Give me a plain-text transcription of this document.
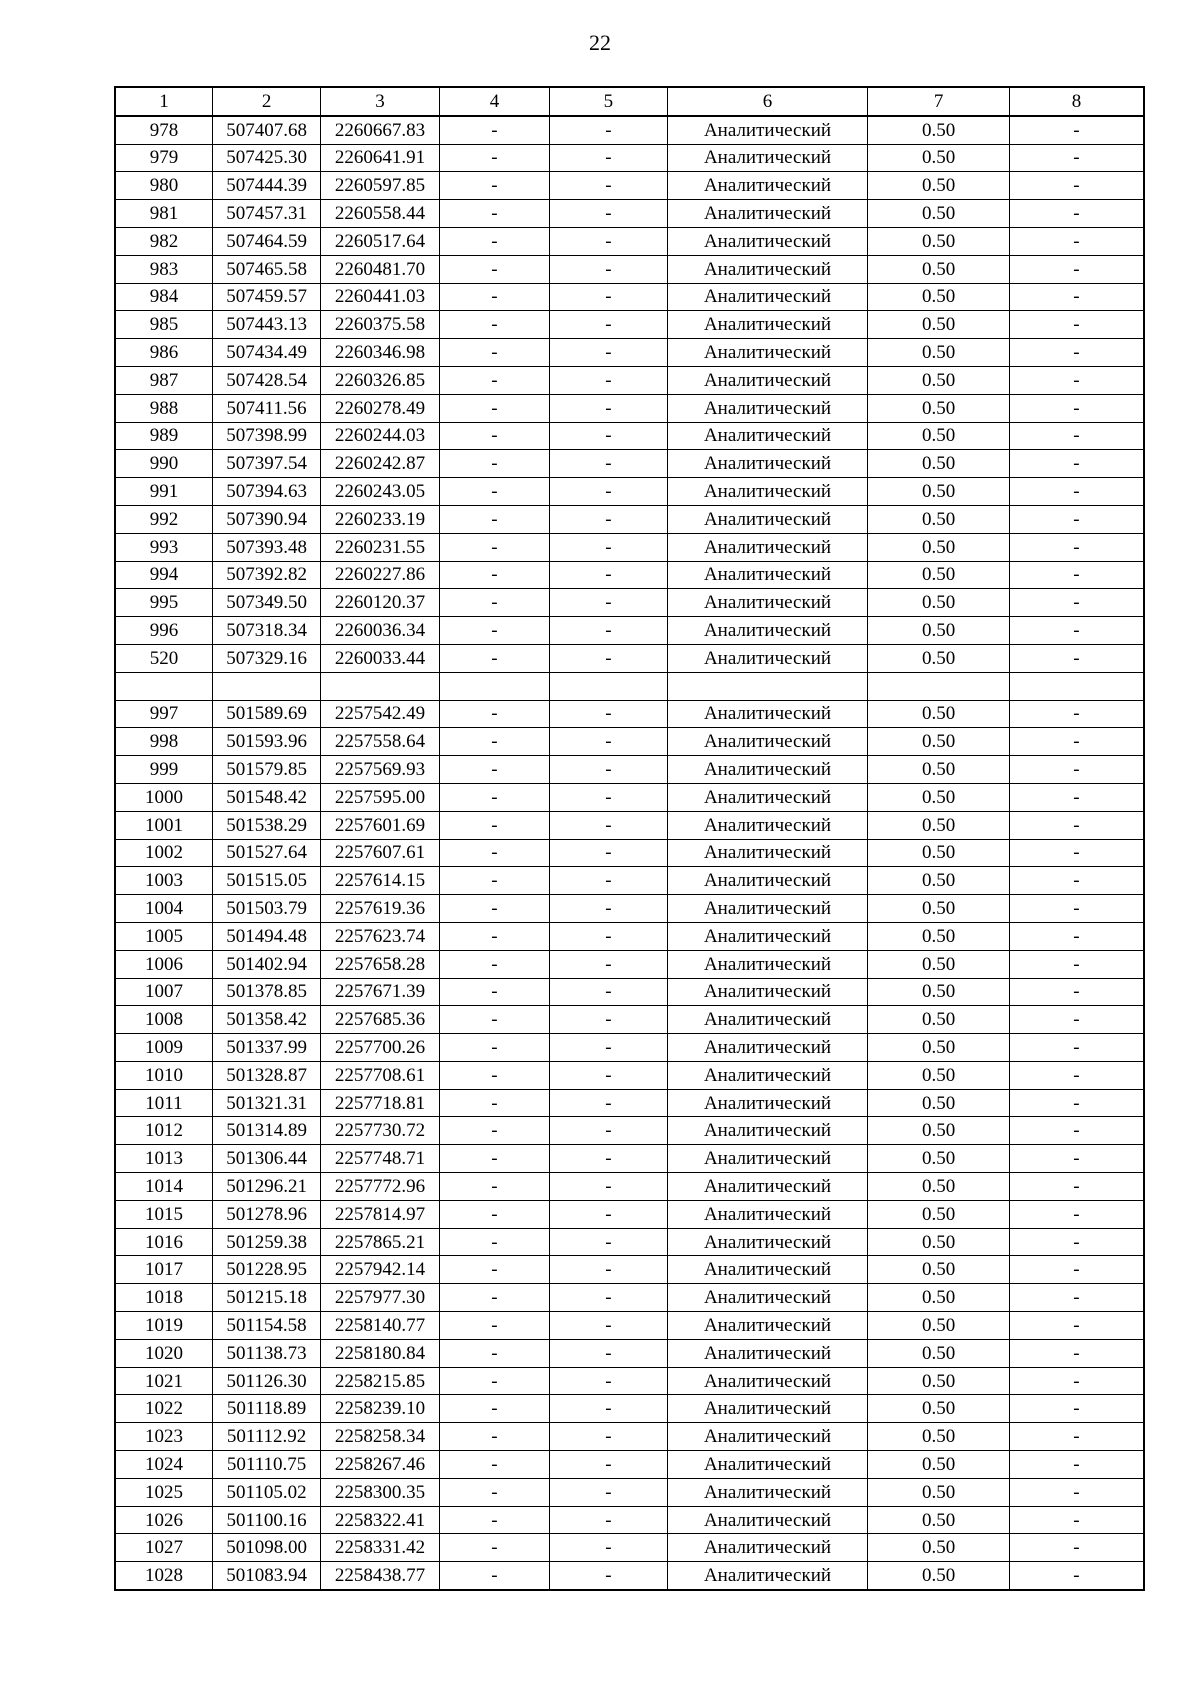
22
1	2	3	4	5	6	7	8
978	507407.68	2260667.83	-	-	Аналитический	0.50	-
979	507425.30	2260641.91	-	-	Аналитический	0.50	-
980	507444.39	2260597.85	-	-	Аналитический	0.50	-
981	507457.31	2260558.44	-	-	Аналитический	0.50	-
982	507464.59	2260517.64	-	-	Аналитический	0.50	-
983	507465.58	2260481.70	-	-	Аналитический	0.50	-
984	507459.57	2260441.03	-	-	Аналитический	0.50	-
985	507443.13	2260375.58	-	-	Аналитический	0.50	-
986	507434.49	2260346.98	-	-	Аналитический	0.50	-
987	507428.54	2260326.85	-	-	Аналитический	0.50	-
988	507411.56	2260278.49	-	-	Аналитический	0.50	-
989	507398.99	2260244.03	-	-	Аналитический	0.50	-
990	507397.54	2260242.87	-	-	Аналитический	0.50	-
991	507394.63	2260243.05	-	-	Аналитический	0.50	-
992	507390.94	2260233.19	-	-	Аналитический	0.50	-
993	507393.48	2260231.55	-	-	Аналитический	0.50	-
994	507392.82	2260227.86	-	-	Аналитический	0.50	-
995	507349.50	2260120.37	-	-	Аналитический	0.50	-
996	507318.34	2260036.34	-	-	Аналитический	0.50	-
520	507329.16	2260033.44	-	-	Аналитический	0.50	-

997	501589.69	2257542.49	-	-	Аналитический	0.50	-
998	501593.96	2257558.64	-	-	Аналитический	0.50	-
999	501579.85	2257569.93	-	-	Аналитический	0.50	-
1000	501548.42	2257595.00	-	-	Аналитический	0.50	-
1001	501538.29	2257601.69	-	-	Аналитический	0.50	-
1002	501527.64	2257607.61	-	-	Аналитический	0.50	-
1003	501515.05	2257614.15	-	-	Аналитический	0.50	-
1004	501503.79	2257619.36	-	-	Аналитический	0.50	-
1005	501494.48	2257623.74	-	-	Аналитический	0.50	-
1006	501402.94	2257658.28	-	-	Аналитический	0.50	-
1007	501378.85	2257671.39	-	-	Аналитический	0.50	-
1008	501358.42	2257685.36	-	-	Аналитический	0.50	-
1009	501337.99	2257700.26	-	-	Аналитический	0.50	-
1010	501328.87	2257708.61	-	-	Аналитический	0.50	-
1011	501321.31	2257718.81	-	-	Аналитический	0.50	-
1012	501314.89	2257730.72	-	-	Аналитический	0.50	-
1013	501306.44	2257748.71	-	-	Аналитический	0.50	-
1014	501296.21	2257772.96	-	-	Аналитический	0.50	-
1015	501278.96	2257814.97	-	-	Аналитический	0.50	-
1016	501259.38	2257865.21	-	-	Аналитический	0.50	-
1017	501228.95	2257942.14	-	-	Аналитический	0.50	-
1018	501215.18	2257977.30	-	-	Аналитический	0.50	-
1019	501154.58	2258140.77	-	-	Аналитический	0.50	-
1020	501138.73	2258180.84	-	-	Аналитический	0.50	-
1021	501126.30	2258215.85	-	-	Аналитический	0.50	-
1022	501118.89	2258239.10	-	-	Аналитический	0.50	-
1023	501112.92	2258258.34	-	-	Аналитический	0.50	-
1024	501110.75	2258267.46	-	-	Аналитический	0.50	-
1025	501105.02	2258300.35	-	-	Аналитический	0.50	-
1026	501100.16	2258322.41	-	-	Аналитический	0.50	-
1027	501098.00	2258331.42	-	-	Аналитический	0.50	-
1028	501083.94	2258438.77	-	-	Аналитический	0.50	-
